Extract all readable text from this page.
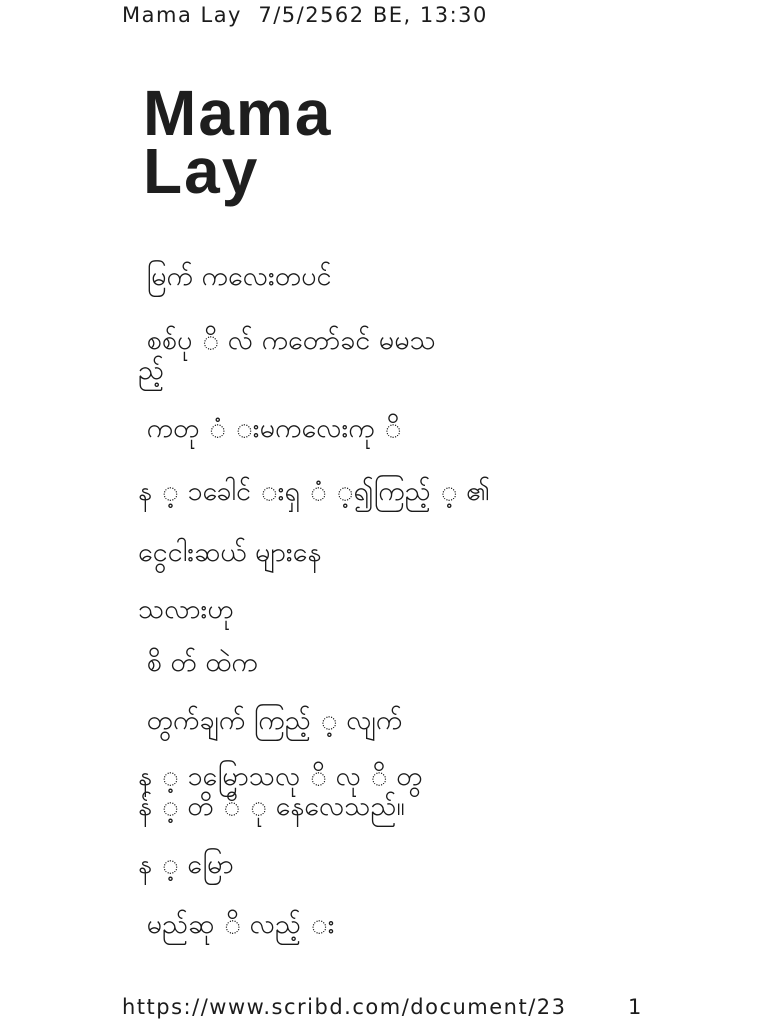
Mama Lay  7/5/2562 BE, 13:30
Mama
Lay
မြက် ကလေးတပင်
စစ်ပု ိ လ် ကတော်ခင် မမသ
ည့်
ကတု ံ းမကလေးကု ိ
န ့ ၁ခေါင် းရှ ံ ့၍ကြည့် ့ ၏
ငွေငါးဆယ် များနေ
သလားဟု
စိ တ် ထဲက
တွက်ချက် ကြည့် ့ လျက်
န ့ ၁မြောသလု ိ လု ိ တွ
န် ့ တိ ိ ု နေလေသည်။
န ့ မြော
မည်ဆု ိ လည့် း
https://www.scribd.com/document/23	1
